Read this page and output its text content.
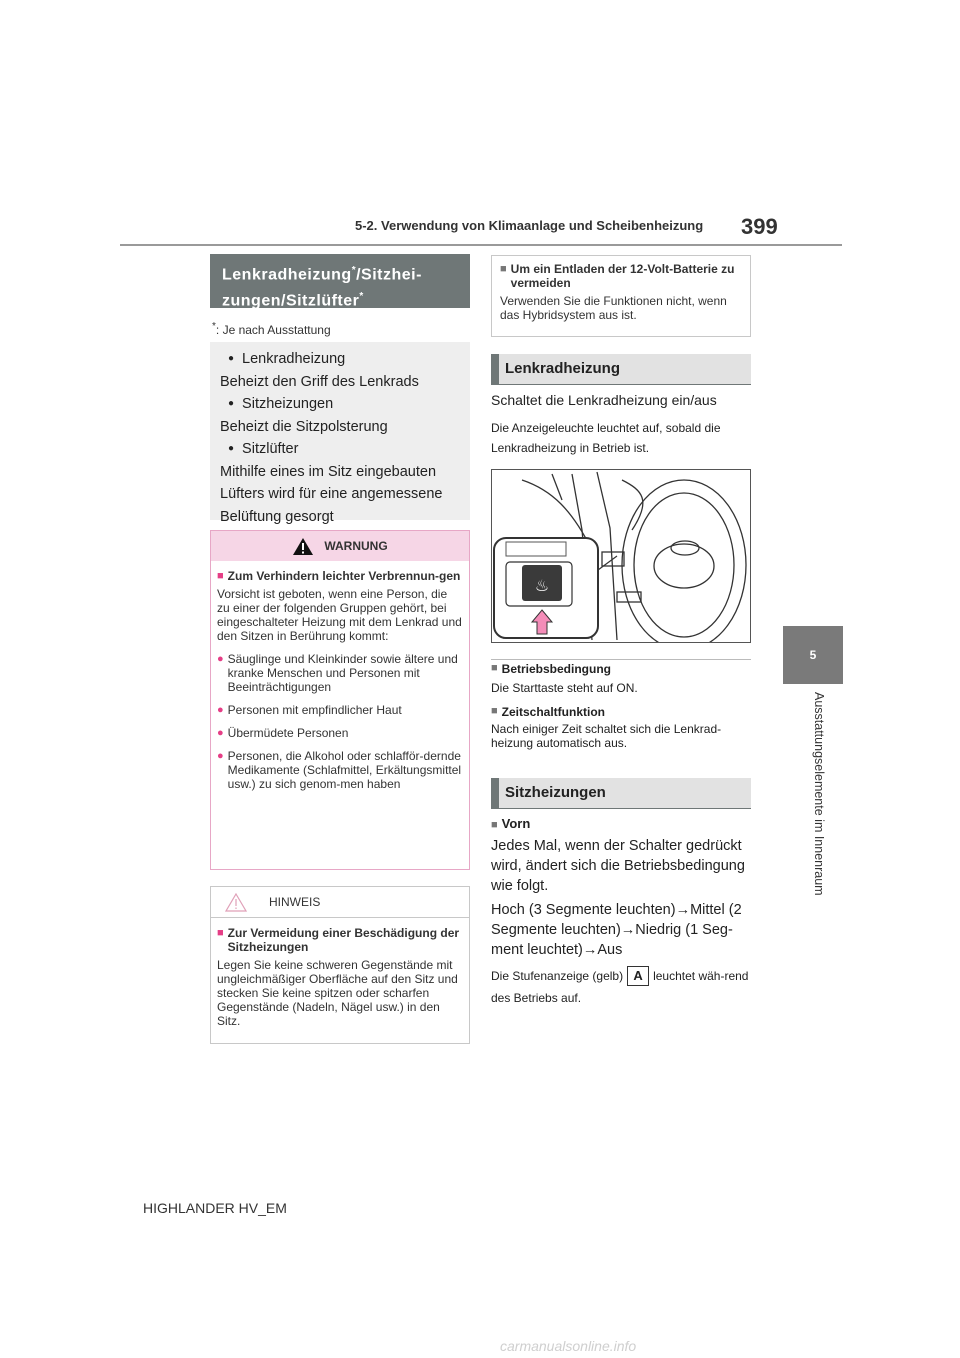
5-2. Verwendung von Klimaanlage und Scheibenheizung 399
5
Ausstattungselemente im Innenraum
Lenkradheizung*/Sitzhei-
zungen/Sitzlüfter*
*: Je nach Ausstattung
● Lenkradheizung
Beheizt den Griff des Lenkrads
● Sitzheizungen
Beheizt die Sitzpolsterung
● Sitzlüfter
Mithilfe eines im Sitz eingebauten Lüfters wird für eine angemessene Belüftung gesorgt
WARNUNG
■ Zum Verhindern leichter Verbrennun-gen
Vorsicht ist geboten, wenn eine Person, die zu einer der folgenden Gruppen gehört, bei eingeschalteter Heizung mit dem Lenkrad und den Sitzen in Berührung kommt:
● Säuglinge und Kleinkinder sowie ältere und kranke Menschen und Personen mit Beeinträchtigungen
● Personen mit empfindlicher Haut
● Übermüdete Personen
● Personen, die Alkohol oder schlafför-dernde Medikamente (Schlafmittel, Erkältungsmittel usw.) zu sich genom-men haben
HINWEIS
■ Zur Vermeidung einer Beschädigung der Sitzheizungen
Legen Sie keine schweren Gegenstände mit ungleichmäßiger Oberfläche auf den Sitz und stecken Sie keine spitzen oder scharfen Gegenstände (Nadeln, Nägel usw.) in den Sitz.
■ Um ein Entladen der 12-Volt-Batterie zu vermeiden
Verwenden Sie die Funktionen nicht, wenn das Hybridsystem aus ist.
Lenkradheizung
Schaltet die Lenkradheizung ein/aus
Die Anzeigeleuchte leuchtet auf, sobald die Lenkradheizung in Betrieb ist.
♨
■ Betriebsbedingung
Die Starttaste steht auf ON.
■ Zeitschaltfunktion
Nach einiger Zeit schaltet sich die Lenkrad-heizung automatisch aus.
Sitzheizungen
■ Vorn
Jedes Mal, wenn der Schalter gedrückt wird, ändert sich die Betriebsbedingung wie folgt.
Hoch (3 Segmente leuchten)→Mittel (2 Segmente leuchten)→Niedrig (1 Seg-ment leuchtet)→Aus
Die Stufenanzeige (gelb) A leuchtet wäh-rend des Betriebs auf.
HIGHLANDER HV_EM
carmanualsonline.info
